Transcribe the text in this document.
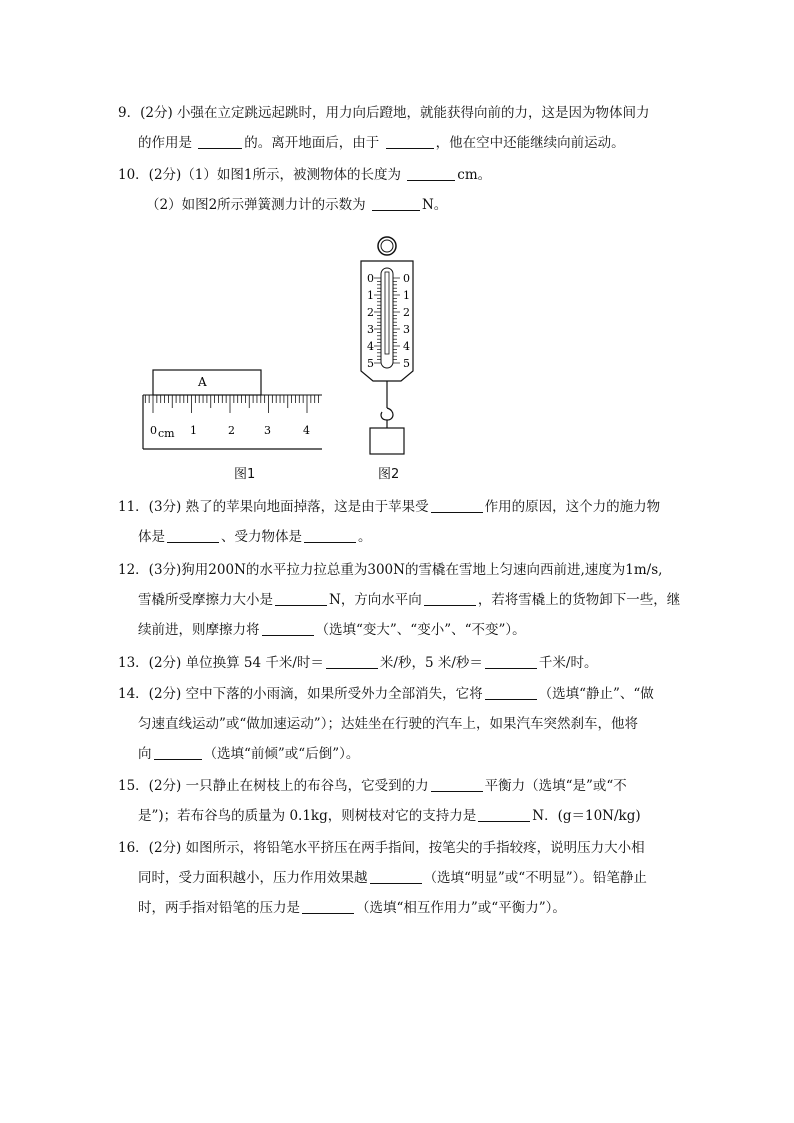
9．(2分) 小强在立定跳远起跳时，用力向后蹬地，就能获得向前的力，这是因为物体间力
的作用是	的。离开地面后，由于	，他在空中还能继续向前运动。
10．(2分)（1）如图1所示，被测物体的长度为	cm。
（2）如图2所示弹簧测力计的示数为	N。
A
0 cm 1	2	3	4
0
1
2
3
4
5
0
1
2
3
4
5
图1	图2
11．(3分) 熟了的苹果向地面掉落，这是由于苹果受	作用的原因，这个力的施力物
体是	、受力物体是	。
12．(3分)狗用200N的水平拉力拉总重为300N的雪橇在雪地上匀速向西前进,速度为1m/s,
雪橇所受摩擦力大小是	N，方向水平向	，若将雪橇上的货物卸下一些，继
续前进，则摩擦力将	（选填“变大”、“变小”、“不变”）。
13．(2分) 单位换算 54 千米/时＝	米/秒，5 米/秒＝	千米/时。
14．(2分) 空中下落的小雨滴，如果所受外力全部消失，它将	（选填“静止”、“做
匀速直线运动”或“做加速运动”）；达娃坐在行驶的汽车上，如果汽车突然刹车，他将
向	（选填“前倾”或“后倒”）。
15．(2分) 一只静止在树枝上的布谷鸟，它受到的力	平衡力（选填“是”或“不
是”)；若布谷鸟的质量为 0.1kg，则树枝对它的支持力是	N．(g＝10N/kg)
16．(2分) 如图所示，将铅笔水平挤压在两手指间，按笔尖的手指较疼，说明压力大小相
同时，受力面积越小，压力作用效果越	（选填“明显”或“不明显”）。铅笔静止
时，两手指对铅笔的压力是	（选填“相互作用力”或“平衡力”）。
